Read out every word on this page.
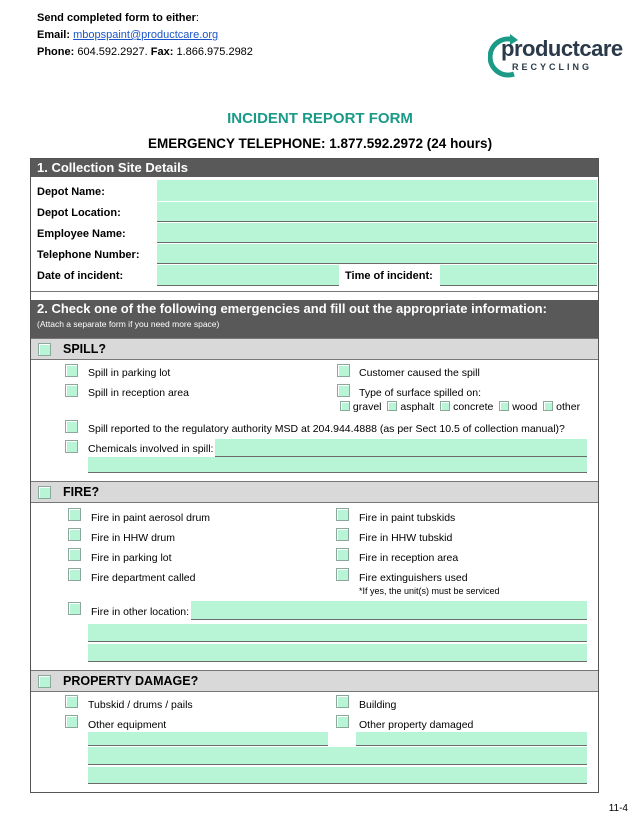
Send completed form to either:
Email: mbopspaint@productcare.org
Phone: 604.592.2927. Fax: 1.866.975.2982	productcare
RECYCLING
INCIDENT REPORT FORM
EMERGENCY TELEPHONE: 1.877.592.2972 (24 hours)
1. Collection Site Details
Depot Name:
Depot Location:
Employee Name:
Telephone Number:
Date of incident:	Time of incident:
2. Check one of the following emergencies and fill out the appropriate information:
(Attach a separate form if you need more space)
SPILL?
Spill in parking lot	Customer caused the spill
Spill in reception area	Type of surface spilled on:
gravel asphalt concrete wood other
Spill reported to the regulatory authority MSD at 204.944.4888 (as per Sect 10.5 of collection manual)?
Chemicals involved in spill:
FIRE?
Fire in paint aerosol drum	Fire in paint tubskids
Fire in HHW drum	Fire in HHW tubskid
Fire in parking lot	Fire in reception area
Fire department called	Fire extinguishers used
*If yes, the unit(s) must be serviced
Fire in other location:
PROPERTY DAMAGE?
Tubskid / drums / pails	Building
Other equipment	Other property damaged
11-4
